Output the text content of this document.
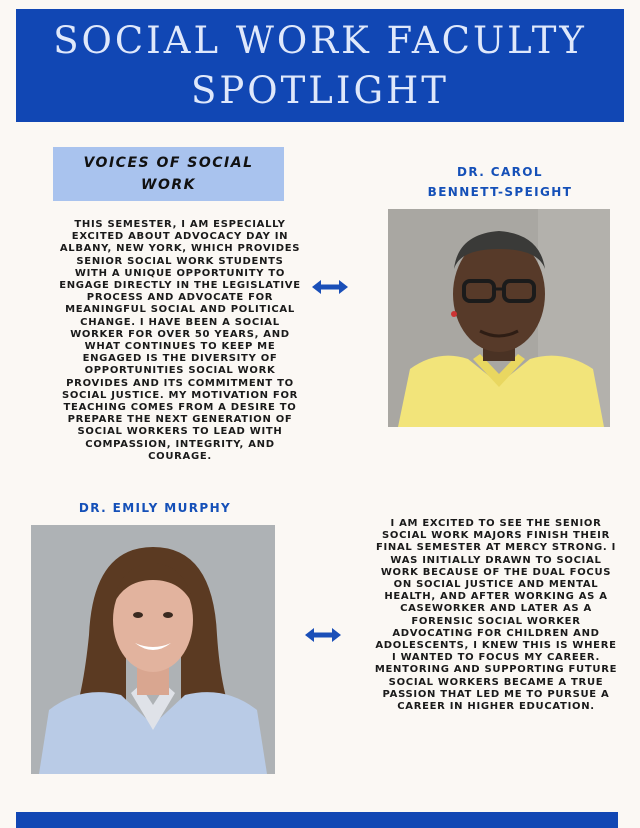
SOCIAL WORK FACULTY
SPOTLIGHT
VOICES OF SOCIAL WORK
DR. CAROL BENNETT-SPEIGHT

THIS SEMESTER, I AM ESPECIALLY EXCITED ABOUT ADVOCACY DAY IN ALBANY, NEW YORK, WHICH PROVIDES SENIOR SOCIAL WORK STUDENTS WITH A UNIQUE OPPORTUNITY TO ENGAGE DIRECTLY IN THE LEGISLATIVE PROCESS AND ADVOCATE FOR MEANINGFUL SOCIAL AND POLITICAL CHANGE. I HAVE BEEN A SOCIAL WORKER FOR OVER 50 YEARS, AND WHAT CONTINUES TO KEEP ME ENGAGED IS THE DIVERSITY OF OPPORTUNITIES SOCIAL WORK PROVIDES AND ITS COMMITMENT TO SOCIAL JUSTICE. MY MOTIVATION FOR TEACHING COMES FROM A DESIRE TO PREPARE THE NEXT GENERATION OF SOCIAL WORKERS TO LEAD WITH COMPASSION, INTEGRITY, AND COURAGE.

DR. EMILY MURPHY

I AM EXCITED TO SEE THE SENIOR SOCIAL WORK MAJORS FINISH THEIR FINAL SEMESTER AT MERCY STRONG. I WAS INITIALLY DRAWN TO SOCIAL WORK BECAUSE OF THE DUAL FOCUS ON SOCIAL JUSTICE AND MENTAL HEALTH, AND AFTER WORKING AS A CASEWORKER AND LATER AS A FORENSIC SOCIAL WORKER ADVOCATING FOR CHILDREN AND ADOLESCENTS, I KNEW THIS IS WHERE I WANTED TO FOCUS MY CAREER. MENTORING AND SUPPORTING FUTURE SOCIAL WORKERS BECAME A TRUE PASSION THAT LED ME TO PURSUE A CAREER IN HIGHER EDUCATION.
